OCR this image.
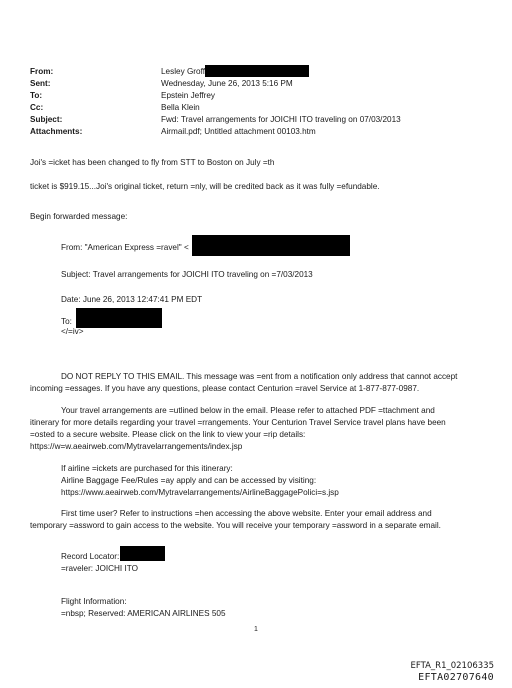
From:	Lesley Groff
Sent:	Wednesday, June 26, 2013 5:16 PM
To:	Epstein Jeffrey
Cc:	Bella Klein
Subject:	Fwd: Travel arrangements for JOICHI ITO traveling on 07/03/2013
Attachments:	Airmail.pdf; Untitled attachment 00103.htm
Joi's =icket has been changed to fly from STT to Boston on July =th
ticket is $919.15...Joi's original ticket, return =nly, will be credited back as it was fully =efundable.
Begin forwarded message:
From: "American Express =ravel" <
Subject: Travel arrangements for JOICHI ITO traveling on =7/03/2013
Date: June 26, 2013 12:47:41 PM EDT
To:
</=iv>
DO NOT REPLY TO THIS EMAIL. This message was =ent from a notification only address that cannot accept
incoming =essages. If you have any questions, please contact Centurion =ravel Service at 1-877-877-0987.
Your travel arrangements are =utlined below in the email. Please refer to attached PDF =ttachment and
itinerary for more details regarding your travel =rrangements. Your Centurion Travel Service travel plans have been
=osted to a secure website. Please click on the link to view your =rip details:
https://w=w.aeairweb.com/Mytravelarrangements/index.jsp
If airline =ickets are purchased for this itinerary:
Airline Baggage Fee/Rules =ay apply and can be accessed by visiting:
https://www.aeairweb.com/Mytravelarrangements/AirlineBaggagePolici=s.jsp
First time user? Refer to instructions =hen accessing the above website. Enter your email address and
temporary =assword to gain access to the website. You will receive your temporary =assword in a separate email.
Record Locator:
=raveler: JOICHI ITO
Flight Information:
=nbsp; Reserved: AMERICAN AIRLINES 505
1
EFTA_R1_02106335
EFTA02707640
